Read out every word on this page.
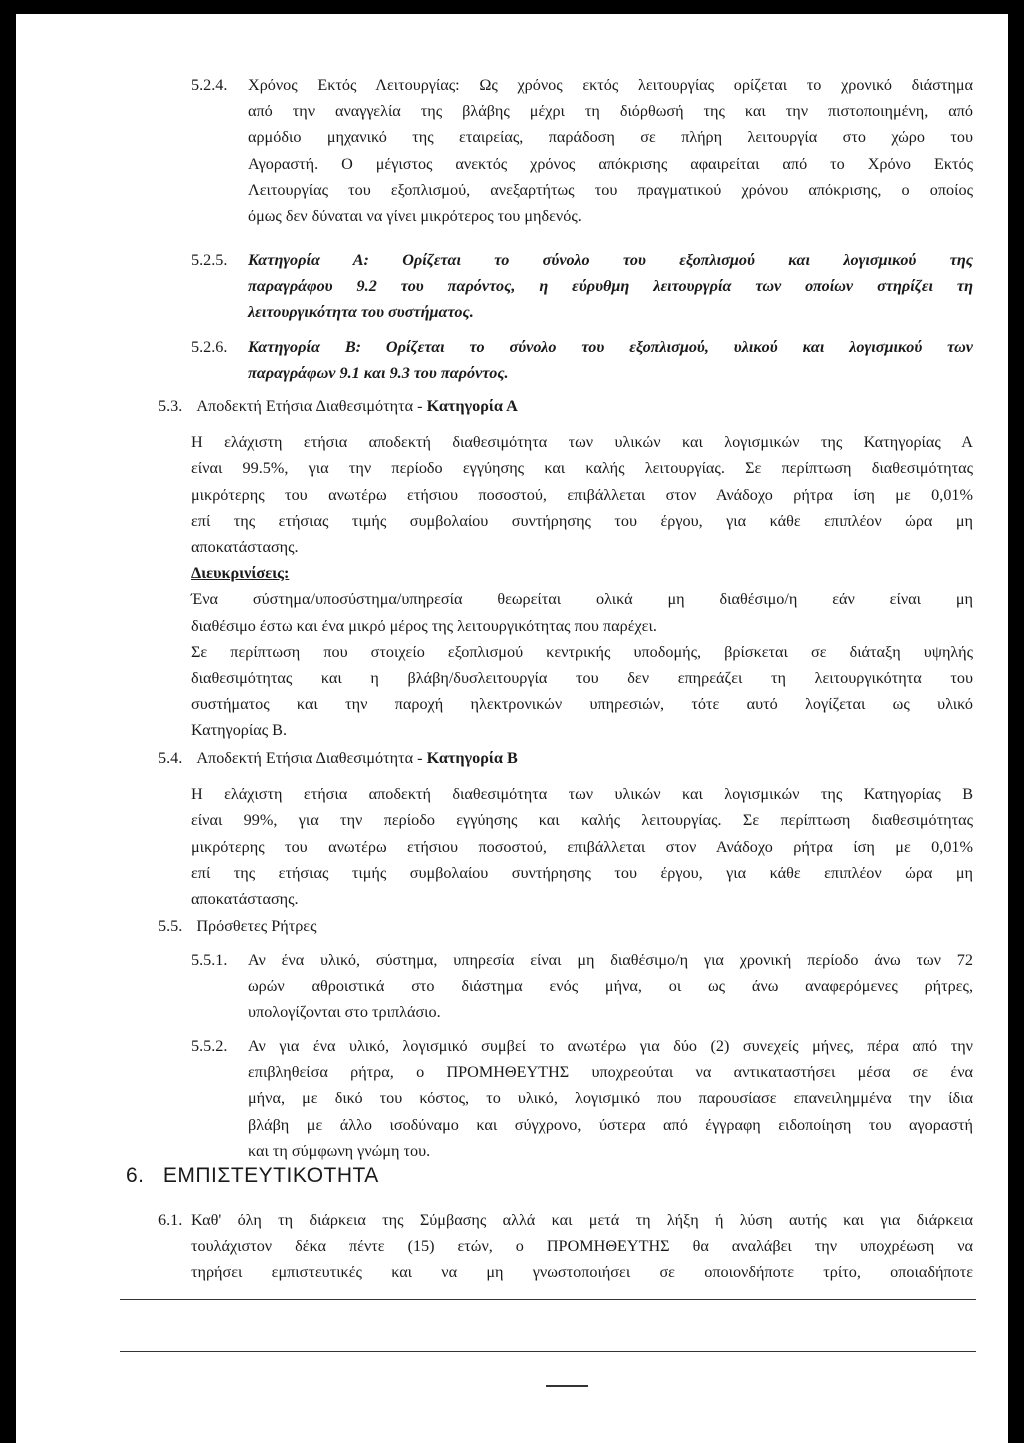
5.2.4. Χρόνος Εκτός Λειτουργίας: Ως χρόνος εκτός λειτουργίας ορίζεται το χρονικό διάστημα
από την αναγγελία της βλάβης μέχρι τη διόρθωσή της και την πιστοποιημένη, από
αρμόδιο μηχανικό της εταιρείας, παράδοση σε πλήρη λειτουργία στο χώρο του
Αγοραστή. Ο μέγιστος ανεκτός χρόνος απόκρισης αφαιρείται από το Χρόνο Εκτός
Λειτουργίας του εξοπλισμού, ανεξαρτήτως του πραγματικού χρόνου απόκρισης, ο οποίος
όμως δεν δύναται να γίνει μικρότερος του μηδενός.
5.2.5. Κατηγορία Α: Ορίζεται το σύνολο του εξοπλισμού και λογισμικού της
παραγράφου 9.2 του παρόντος, η εύρυθμη λειτουργρία των οποίων στηρίζει τη
λειτουργικότητα του συστήματος.
5.2.6. Κατηγορία Β: Ορίζεται το σύνολο του εξοπλισμού, υλικού και λογισμικού των
παραγράφων 9.1 και 9.3 του παρόντος.
5.3. Αποδεκτή Ετήσια Διαθεσιμότητα - Κατηγορία Α
Η ελάχιστη ετήσια αποδεκτή διαθεσιμότητα των υλικών και λογισμικών της Κατηγορίας Α
είναι 99.5%, για την περίοδο εγγύησης και καλής λειτουργίας. Σε περίπτωση διαθεσιμότητας
μικρότερης του ανωτέρω ετήσιου ποσοστού, επιβάλλεται στον Ανάδοχο ρήτρα ίση με 0,01%
επί της ετήσιας τιμής συμβολαίου συντήρησης του έργου, για κάθε επιπλέον ώρα μη
αποκατάστασης.
Διευκρινίσεις:
Ένα σύστημα/υποσύστημα/υπηρεσία θεωρείται ολικά μη διαθέσιμο/η εάν είναι μη
διαθέσιμο έστω και ένα μικρό μέρος της λειτουργικότητας που παρέχει.
Σε περίπτωση που στοιχείο εξοπλισμού κεντρικής υποδομής, βρίσκεται σε διάταξη υψηλής
διαθεσιμότητας και η βλάβη/δυσλειτουργία του δεν επηρεάζει τη λειτουργικότητα του
συστήματος και την παροχή ηλεκτρονικών υπηρεσιών, τότε αυτό λογίζεται ως υλικό
Κατηγορίας Β.
5.4. Αποδεκτή Ετήσια Διαθεσιμότητα - Κατηγορία Β
Η ελάχιστη ετήσια αποδεκτή διαθεσιμότητα των υλικών και λογισμικών της Κατηγορίας Β
είναι 99%, για την περίοδο εγγύησης και καλής λειτουργίας. Σε περίπτωση διαθεσιμότητας
μικρότερης του ανωτέρω ετήσιου ποσοστού, επιβάλλεται στον Ανάδοχο ρήτρα ίση με 0,01%
επί της ετήσιας τιμής συμβολαίου συντήρησης του έργου, για κάθε επιπλέον ώρα μη
αποκατάστασης.
5.5. Πρόσθετες Ρήτρες
5.5.1. Αν ένα υλικό, σύστημα, υπηρεσία είναι μη διαθέσιμο/η για χρονική περίοδο άνω των 72
ωρών αθροιστικά στο διάστημα ενός μήνα, οι ως άνω αναφερόμενες ρήτρες,
υπολογίζονται στο τριπλάσιο.
5.5.2. Αν για ένα υλικό, λογισμικό συμβεί το ανωτέρω για δύο (2) συνεχείς μήνες, πέρα από την
επιβληθείσα ρήτρα, ο ΠΡΟΜΗΘΕΥΤΗΣ υποχρεούται να αντικαταστήσει μέσα σε ένα
μήνα, με δικό του κόστος, το υλικό, λογισμικό που παρουσίασε επανειλημμένα την ίδια
βλάβη με άλλο ισοδύναμο και σύγχρονο, ύστερα από έγγραφη ειδοποίηση του αγοραστή
και τη σύμφωνη γνώμη του.
6. ΕΜΠΙΣΤΕΥΤΙΚΟΤΗΤΑ
6.1. Καθ' όλη τη διάρκεια της Σύμβασης αλλά και μετά τη λήξη ή λύση αυτής και για διάρκεια
τουλάχιστον δέκα πέντε (15) ετών, ο ΠΡΟΜΗΘΕΥΤΗΣ θα αναλάβει την υποχρέωση να
τηρήσει εμπιστευτικές και να μη γνωστοποιήσει σε οποιονδήποτε τρίτο, οποιαδήποτε
